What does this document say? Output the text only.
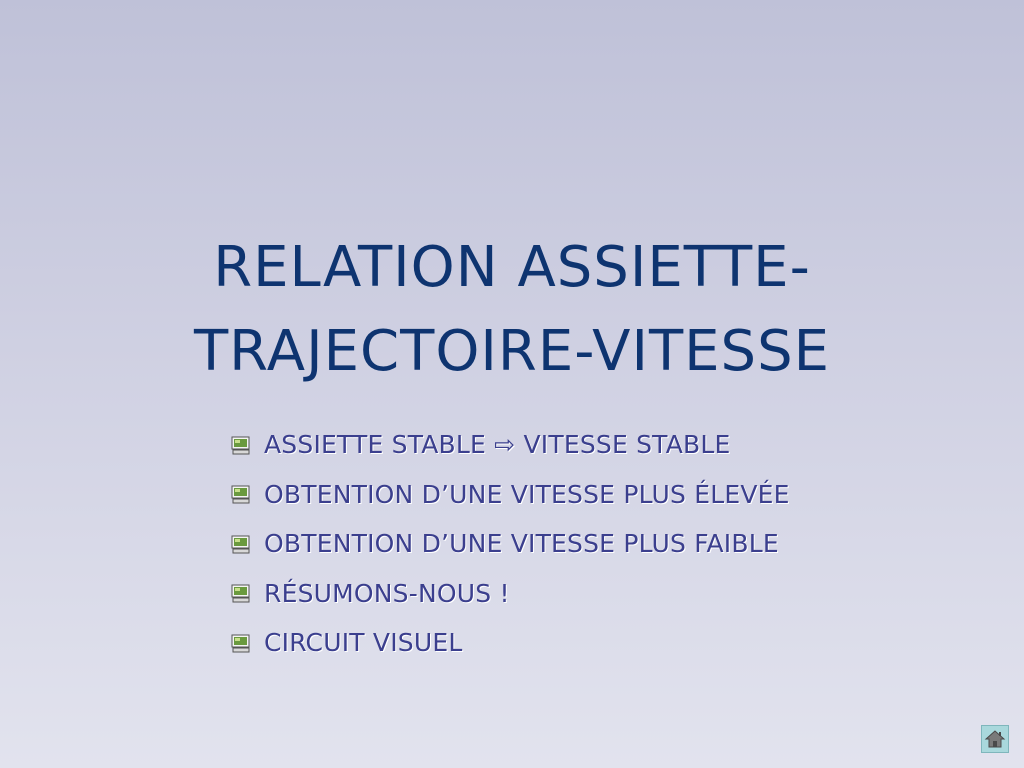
RELATION ASSIETTE-
TRAJECTOIRE-VITESSE
ASSIETTE STABLE ⇨ VITESSE STABLE
OBTENTION D’UNE VITESSE PLUS ÉLEVÉE
OBTENTION D’UNE VITESSE PLUS FAIBLE
RÉSUMONS-NOUS !
CIRCUIT VISUEL
